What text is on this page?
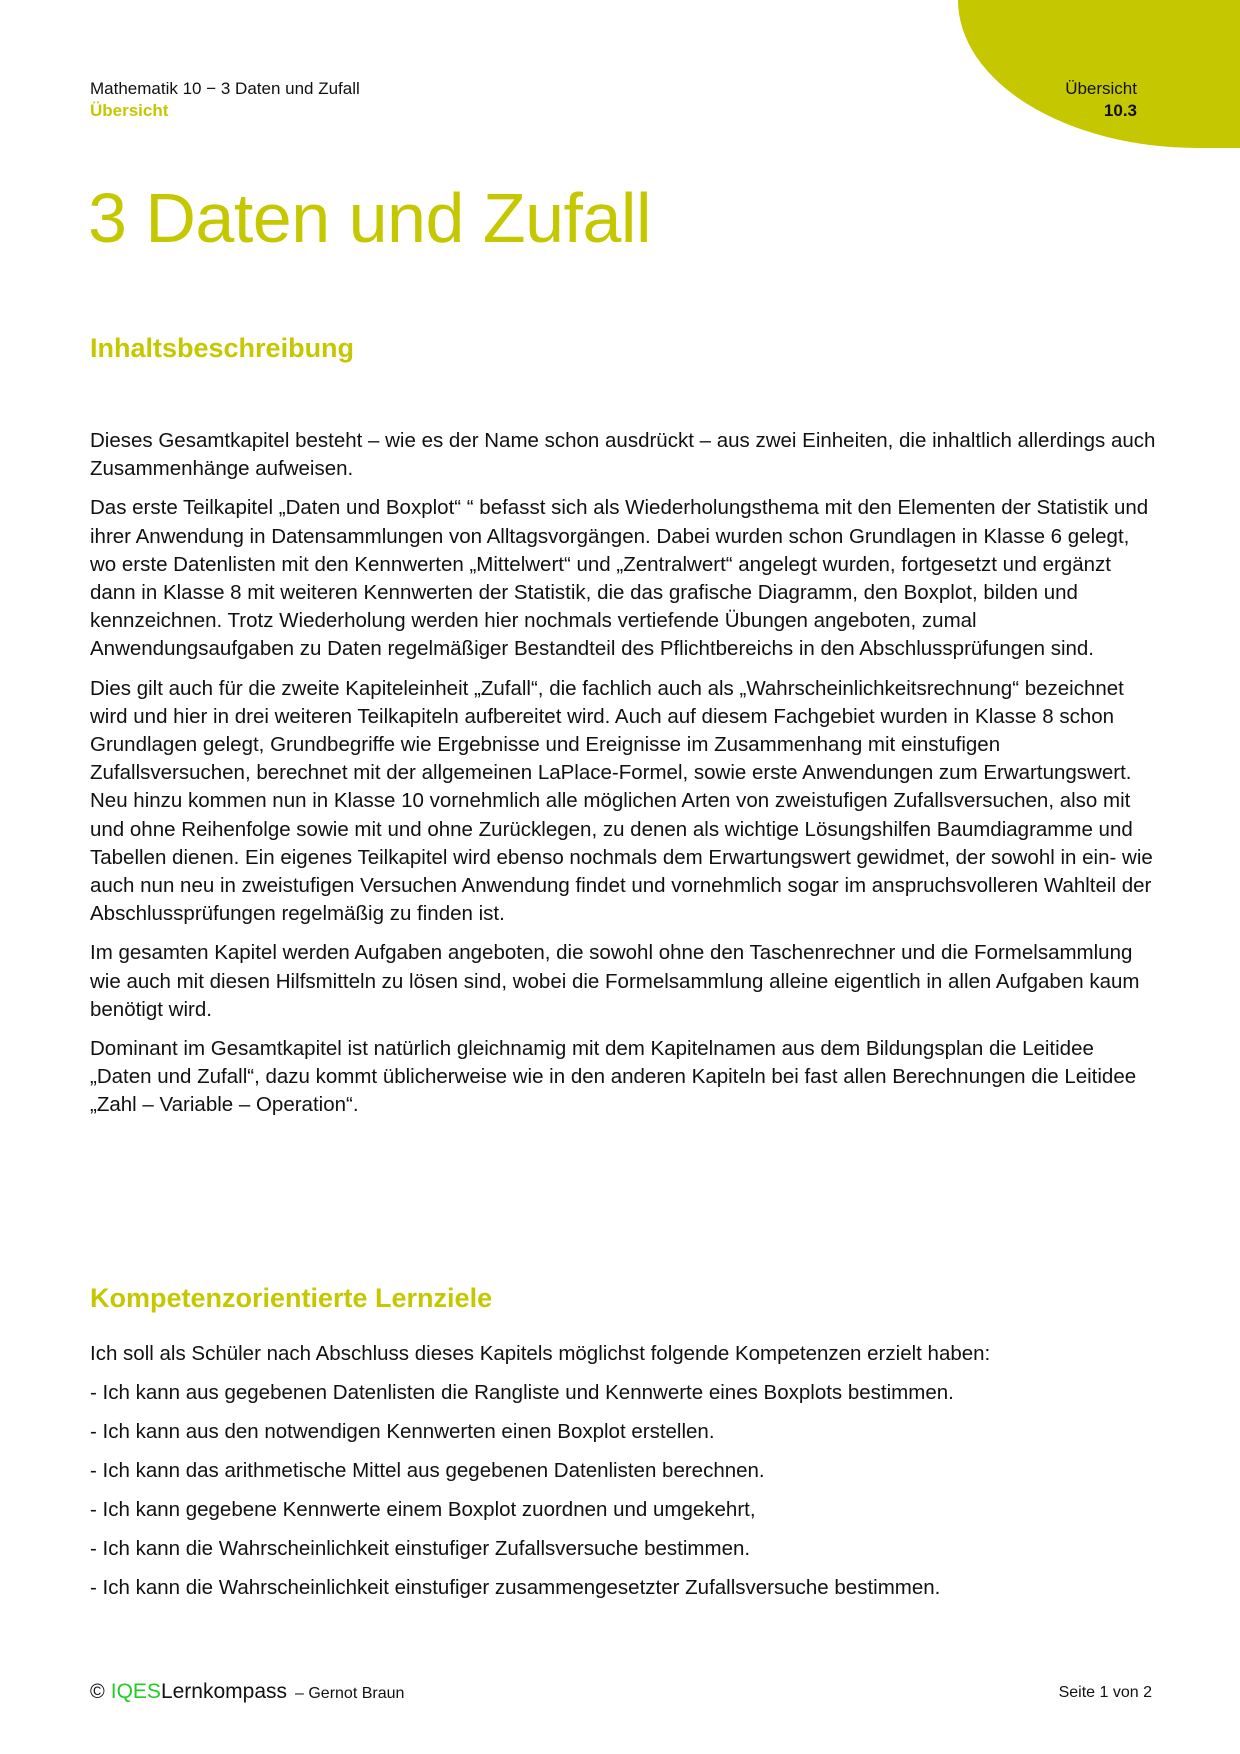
Mathematik 10 − 3 Daten und Zufall
Übersicht
Übersicht
10.3
3 Daten und Zufall
Inhaltsbeschreibung

Dieses Gesamtkapitel besteht – wie es der Name schon ausdrückt – aus zwei Einheiten, die inhaltlich allerdings auch Zusammenhänge aufweisen.

Das erste Teilkapitel „Daten und Boxplot“ “ befasst sich als Wiederholungsthema mit den Elementen der Statistik und ihrer Anwendung in Datensammlungen von Alltagsvorgängen. Dabei wurden schon Grundlagen in Klasse 6 gelegt, wo erste Datenlisten mit den Kennwerten „Mittelwert“ und „Zentralwert“ angelegt wurden, fortgesetzt und ergänzt dann in Klasse 8 mit weiteren Kennwerten der Statistik, die das grafische Diagramm, den Boxplot, bilden und kennzeichnen. Trotz Wiederholung werden hier nochmals vertiefende Übungen angeboten, zumal Anwendungsaufgaben zu Daten regelmäßiger Bestandteil des Pflichtbereichs in den Abschlussprüfungen sind.

Dies gilt auch für die zweite Kapiteleinheit „Zufall“, die fachlich auch als „Wahrscheinlichkeitsrechnung“ bezeichnet wird und hier in drei weiteren Teilkapiteln aufbereitet wird. Auch auf diesem Fachgebiet wurden in Klasse 8 schon Grundlagen gelegt, Grundbegriffe wie Ergebnisse und Ereignisse im Zusammenhang mit einstufigen Zufallsversuchen, berechnet mit der allgemeinen LaPlace-Formel, sowie erste Anwendungen zum Erwartungswert. Neu hinzu kommen nun in Klasse 10 vornehmlich alle möglichen Arten von zweistufigen Zufallsversuchen, also mit und ohne Reihenfolge sowie mit und ohne Zurücklegen, zu denen als wichtige Lösungshilfen Baumdiagramme und Tabellen dienen. Ein eigenes Teilkapitel wird ebenso nochmals dem Erwartungswert gewidmet, der sowohl in ein- wie auch nun neu in zweistufigen Versuchen Anwendung findet und vornehmlich sogar im anspruchsvolleren Wahlteil der Abschlussprüfungen regelmäßig zu finden ist.

Im gesamten Kapitel werden Aufgaben angeboten, die sowohl ohne den Taschenrechner und die Formelsammlung wie auch mit diesen Hilfsmitteln zu lösen sind, wobei die Formelsammlung alleine eigentlich in allen Aufgaben kaum benötigt wird.

Dominant im Gesamtkapitel ist natürlich gleichnamig mit dem Kapitelnamen aus dem Bildungsplan die Leitidee „Daten und Zufall“, dazu kommt üblicherweise wie in den anderen Kapiteln bei fast allen Berechnungen die Leitidee „Zahl – Variable – Operation“.

Kompetenzorientierte Lernziele

Ich soll als Schüler nach Abschluss dieses Kapitels möglichst folgende Kompetenzen erzielt haben:

- Ich kann aus gegebenen Datenlisten die Rangliste und Kennwerte eines Boxplots bestimmen.
- Ich kann aus den notwendigen Kennwerten einen Boxplot erstellen.
- Ich kann das arithmetische Mittel aus gegebenen Datenlisten berechnen.
- Ich kann gegebene Kennwerte einem Boxplot zuordnen und umgekehrt,
- Ich kann die Wahrscheinlichkeit einstufiger Zufallsversuche bestimmen.
- Ich kann die Wahrscheinlichkeit einstufiger zusammengesetzter Zufallsversuche bestimmen.
© IQES Lernkompass – Gernot Braun	Seite 1 von 2
